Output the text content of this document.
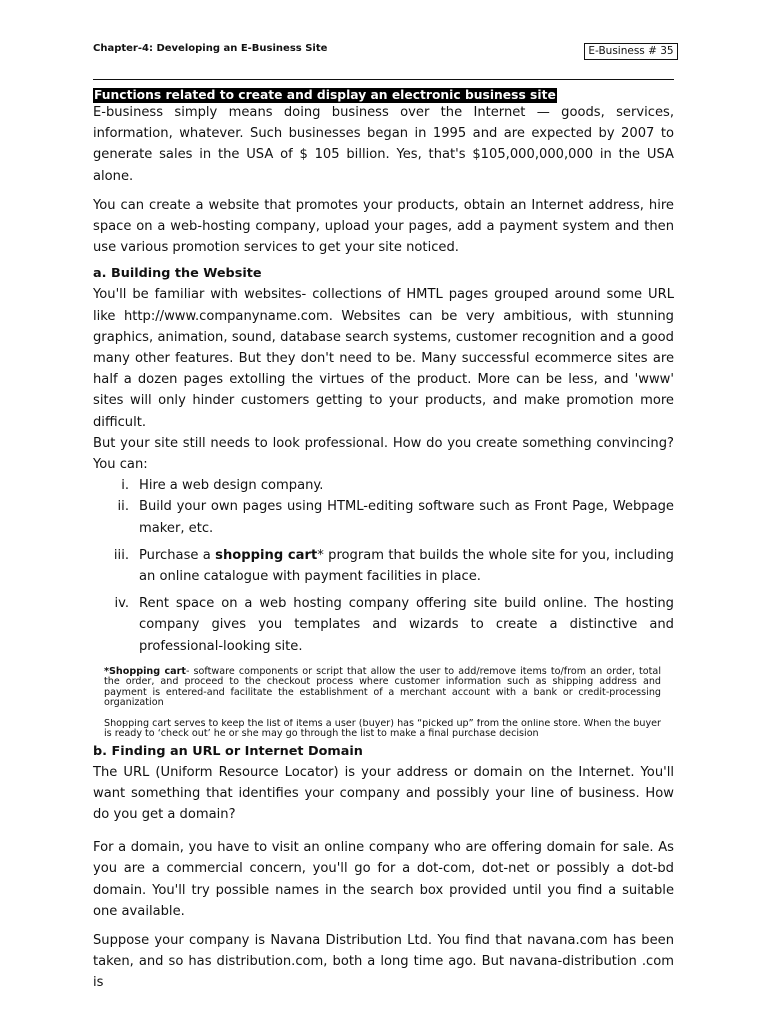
Chapter-4: Developing an E-Business Site	E-Business # 35
Functions related to create and display an electronic business site

E-business simply means doing business over the Internet — goods, services, information, whatever. Such businesses began in 1995 and are expected by 2007 to generate sales in the USA of $ 105 billion. Yes, that's $105,000,000,000 in the USA alone.

You can create a website that promotes your products, obtain an Internet address, hire space on a web-hosting company, upload your pages, add a payment system and then use various promotion services to get your site noticed.

a. Building the Website

You'll be familiar with websites- collections of HMTL pages grouped around some URL like http://www.companyname.com. Websites can be very ambitious, with stunning graphics, animation, sound, database search systems, customer recognition and a good many other features. But they don't need to be. Many successful ecommerce sites are half a dozen pages extolling the virtues of the product. More can be less, and 'www' sites will only hinder customers getting to your products, and make promotion more difficult.

But your site still needs to look professional. How do you create something convincing? You can:

i. Hire a web design company.
ii. Build your own pages using HTML-editing software such as Front Page, Webpage maker, etc.
iii. Purchase a shopping cart* program that builds the whole site for you, including an online catalogue with payment facilities in place.
iv. Rent space on a web hosting company offering site build online. The hosting company gives you templates and wizards to create a distinctive and professional-looking site.
*Shopping cart- software components or script that allow the user to add/remove items to/from an order, total the order, and proceed to the checkout process where customer information such as shipping address and payment is entered-and facilitate the establishment of a merchant account with a bank or credit-processing organization
Shopping cart serves to keep the list of items a user (buyer) has “picked up” from the online store. When the buyer is ready to ‘check out’ he or she may go through the list to make a final purchase decision
b. Finding an URL or Internet Domain

The URL (Uniform Resource Locator) is your address or domain on the Internet. You'll want something that identifies your company and possibly your line of business. How do you get a domain?

For a domain, you have to visit an online company who are offering domain for sale. As you are a commercial concern, you'll go for a dot-com, dot-net or possibly a dot-bd domain. You'll try possible names in the search box provided until you find a suitable one available.

Suppose your company is Navana Distribution Ltd. You find that navana.com has been taken, and so has distribution.com, both a long time ago. But navana-distribution .com is
